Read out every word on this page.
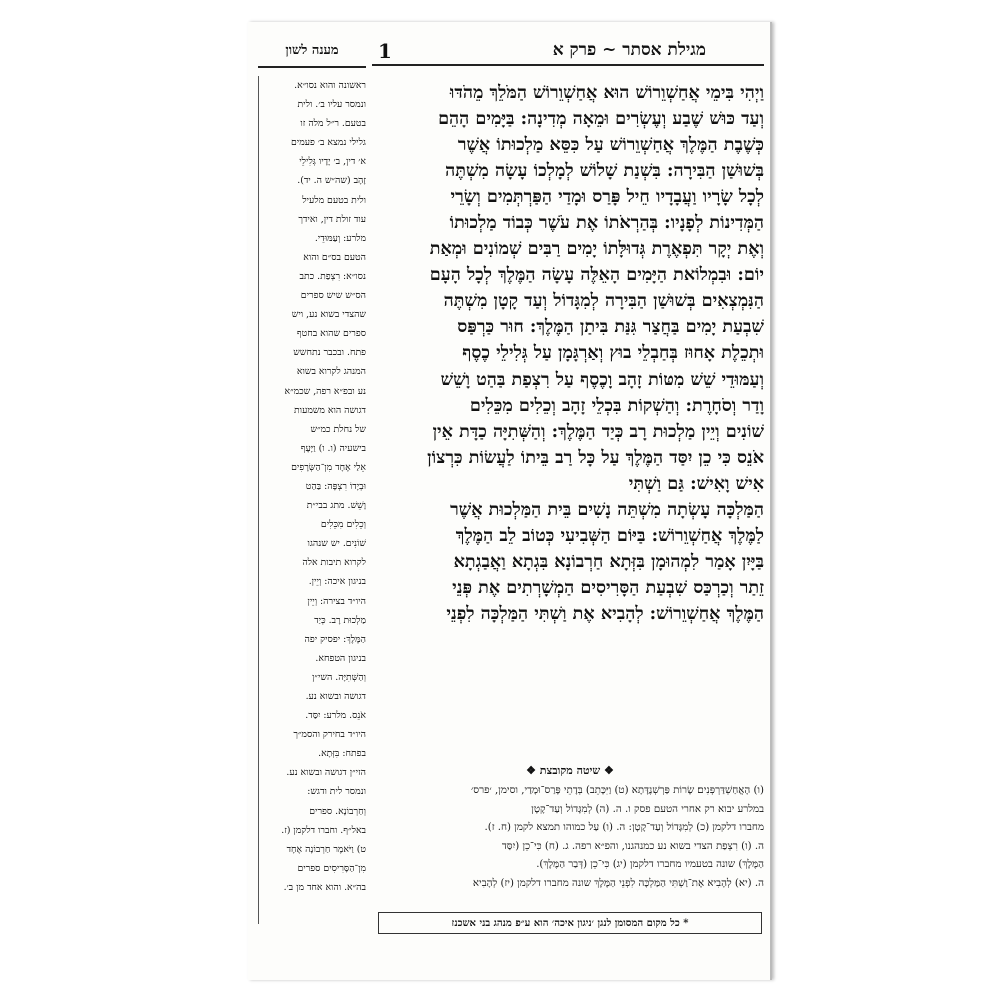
מגילת אסתר ~ פרק א
1
מענה לשון
ראשונה והוא נסו״א.
ונמסר עליו ב׳. ולית
בטעם. ר״ל מלה זו
גלילי נמצא ב׳ פעמים
א׳ דין, ב׳ יָדָיו גְּלִילֵי
זָהָב (שה״ש ה. יד).
ולית בטעם מלעיל
עוד זולת דין, ואידך
מלרע: וְעַמּוּדֵי.
הטעם בס״ם והוא
נסו״א: רִצְפַת. כתב
הס״ש שיש ספרים
שהצדי בשוא נע, ויש
ספרים שהוא בחטף
פתח. ובכבר נתחשש
המנהג לקרוא בשוא
נע ובפ״א רפה, שכמ״א
דגושה הוא משמעות
של נחלת כמ״ש
בישעיה (ו. ו) וַיָּעָף
אֵלַי אֶחָד מִן־הַשְּׂרָפִים
וּבְיָדוֹ רִצְפָּה: בַּהַט
וָשֵׁשׁ. מתג בבי״ת
וְכֵלִים מִכֵּלִים
שׁוֹנִים. יש שנהגו
לקרוא תיבות אלה
בניגון איכה: וְיֵין.
היו״ד בצירה: וְיֵין
מַלְכוּת רָב. כְּיַד
הַמֶּלֶךְ: יפסיק יפה
בניגון הטפחא.
וְהַשְּׁתִיָּה. השי״ן
דגושה ובשוא נע.
אֹנֵס. מלרע: יִסַּד.
היו״ד בחירק והסמ״ך
בפתח: בִּזְּתָא.
הזי״ן דגושה ובשוא נע.
ונמסר לית ודגש:
וְחַרְבוֹנָא. ספרים
באל״ף. וחברו דלקמן (ז.
ט) וַיֹּאמֶר חַרְבוֹנָה אֶחָד
מִן־הַסָּרִיסִים ספרים
בה״א. והוא אחד מן ב׳.
וַיְהִי בִּימֵי אֲחַשְׁוֵרוֹשׁ הוּא אֲחַשְׁוֵרוֹשׁ הַמֹּלֵךְ מֵהֹדּוּ
וְעַד כּוּשׁ שֶׁבַע וְעֶשְׂרִים וּמֵאָה מְדִינָה: בַּיָּמִים הָהֵם
כְּשֶׁבֶת הַמֶּלֶךְ אֲחַשְׁוֵרוֹשׁ עַל כִּסֵּא מַלְכוּתוֹ אֲשֶׁר
בְּשׁוּשַׁן הַבִּירָה: בִּשְׁנַת שָׁלוֹשׁ לְמָלְכוֹ עָשָׂה מִשְׁתֶּה
לְכָל שָׂרָיו וַעֲבָדָיו חֵיל פָּרַס וּמָדַי הַפַּרְתְּמִים וְשָׂרֵי
הַמְּדִינוֹת לְפָנָיו: בְּהַרְאֹתוֹ אֶת עֹשֶׁר כְּבוֹד מַלְכוּתוֹ
וְאֶת יְקָר תִּפְאֶרֶת גְּדוּלָּתוֹ יָמִים רַבִּים שְׁמוֹנִים וּמְאַת
יוֹם: וּבִמְלוֹאת הַיָּמִים הָאֵלֶּה עָשָׂה הַמֶּלֶךְ לְכָל הָעָם
הַנִּמְצְאִים בְּשׁוּשַׁן הַבִּירָה לְמִגָּדוֹל וְעַד קָטָן מִשְׁתֶּה
שִׁבְעַת יָמִים בַּחֲצַר גִּנַּת בִּיתַן הַמֶּלֶךְ: חוּר כַּרְפַּס
וּתְכֵלֶת אָחוּז בְּחַבְלֵי בוּץ וְאַרְגָּמָן עַל גְּלִילֵי כֶסֶף
וְעַמּוּדֵי שֵׁשׁ מִטּוֹת זָהָב וָכֶסֶף עַל רִצְפַת בַּהַט וָשֵׁשׁ
וָדַר וְסֹחָרֶת: וְהַשְׁקוֹת בִּכְלֵי זָהָב וְכֵלִים מִכֵּלִים
שׁוֹנִים וְיֵין מַלְכוּת רָב כְּיַד הַמֶּלֶךְ: וְהַשְּׁתִיָּה כַדָּת אֵין
אֹנֵס כִּי כֵן יִסַּד הַמֶּלֶךְ עַל כָּל רַב בֵּיתוֹ לַעֲשׂוֹת כִּרְצוֹן
אִישׁ וָאִישׁ: גַּם וַשְׁתִּי
הַמַּלְכָּה עָשְׂתָה מִשְׁתֵּה נָשִׁים בֵּית הַמַּלְכוּת אֲשֶׁר
לַמֶּלֶךְ אֲחַשְׁוֵרוֹשׁ: בַּיּוֹם הַשְּׁבִיעִי כְּטוֹב לֵב הַמֶּלֶךְ
בַּיָּיִן אָמַר לִמְהוּמָן בִּזְּתָא חַרְבוֹנָא בִּגְתָא וַאֲבַגְתָא
זֵתַר וְכַרְכַּס שִׁבְעַת הַסָּרִיסִים הַמְשָׁרְתִים אֶת פְּנֵי
הַמֶּלֶךְ אֲחַשְׁוֵרוֹשׁ: לְהָבִיא אֶת וַשְׁתִּי הַמַּלְכָּה לִפְנֵי
❖ שיטה מקובצת ❖
(ו) הָאֲחַשְׁדַּרְפְּנִים׃ שָׂרוֹת פַּרְשְׁנֶדָּתָא (ט) וַיִּכָּתֵב) בְּדָתֵי פָּרַס־וּמָדַי, וסימן, ׳פרס׳
במלרע יבוא רק אחרי הטעם פסק ו. ה. (ה) לְמִגָּדוֹל וְעַד־קָטָן
מחברו דלקמן (כ) לְמִגָּדוֹל וְעַד־קָטָן: ה. (ו) עַל כמוהו תמצא לקמן (ח. ז).
ה. (ו) רִצְפַת הצדי בשוא נע כמנהגנו, והפ״א רפה. ג. (ח) כִּי־כֵן (יִסַּד
הַמֶּלֶךְ) שונה בטעמיו מחברו דלקמן (יג) כִּי־כֵן (דְּבַר הַמֶּלֶךְ).
ה. (יא) לְהָבִיא אֶת־וַשְׁתִּי הַמַּלְכָּה לִפְנֵי הַמֶּלֶךְ שונה מחברו דלקמן (יז) לְהָבִיא
* כל מקום המסומן לנגן ׳ניגון איכה׳ הוא ע״פ מנהג בני אשכנז
